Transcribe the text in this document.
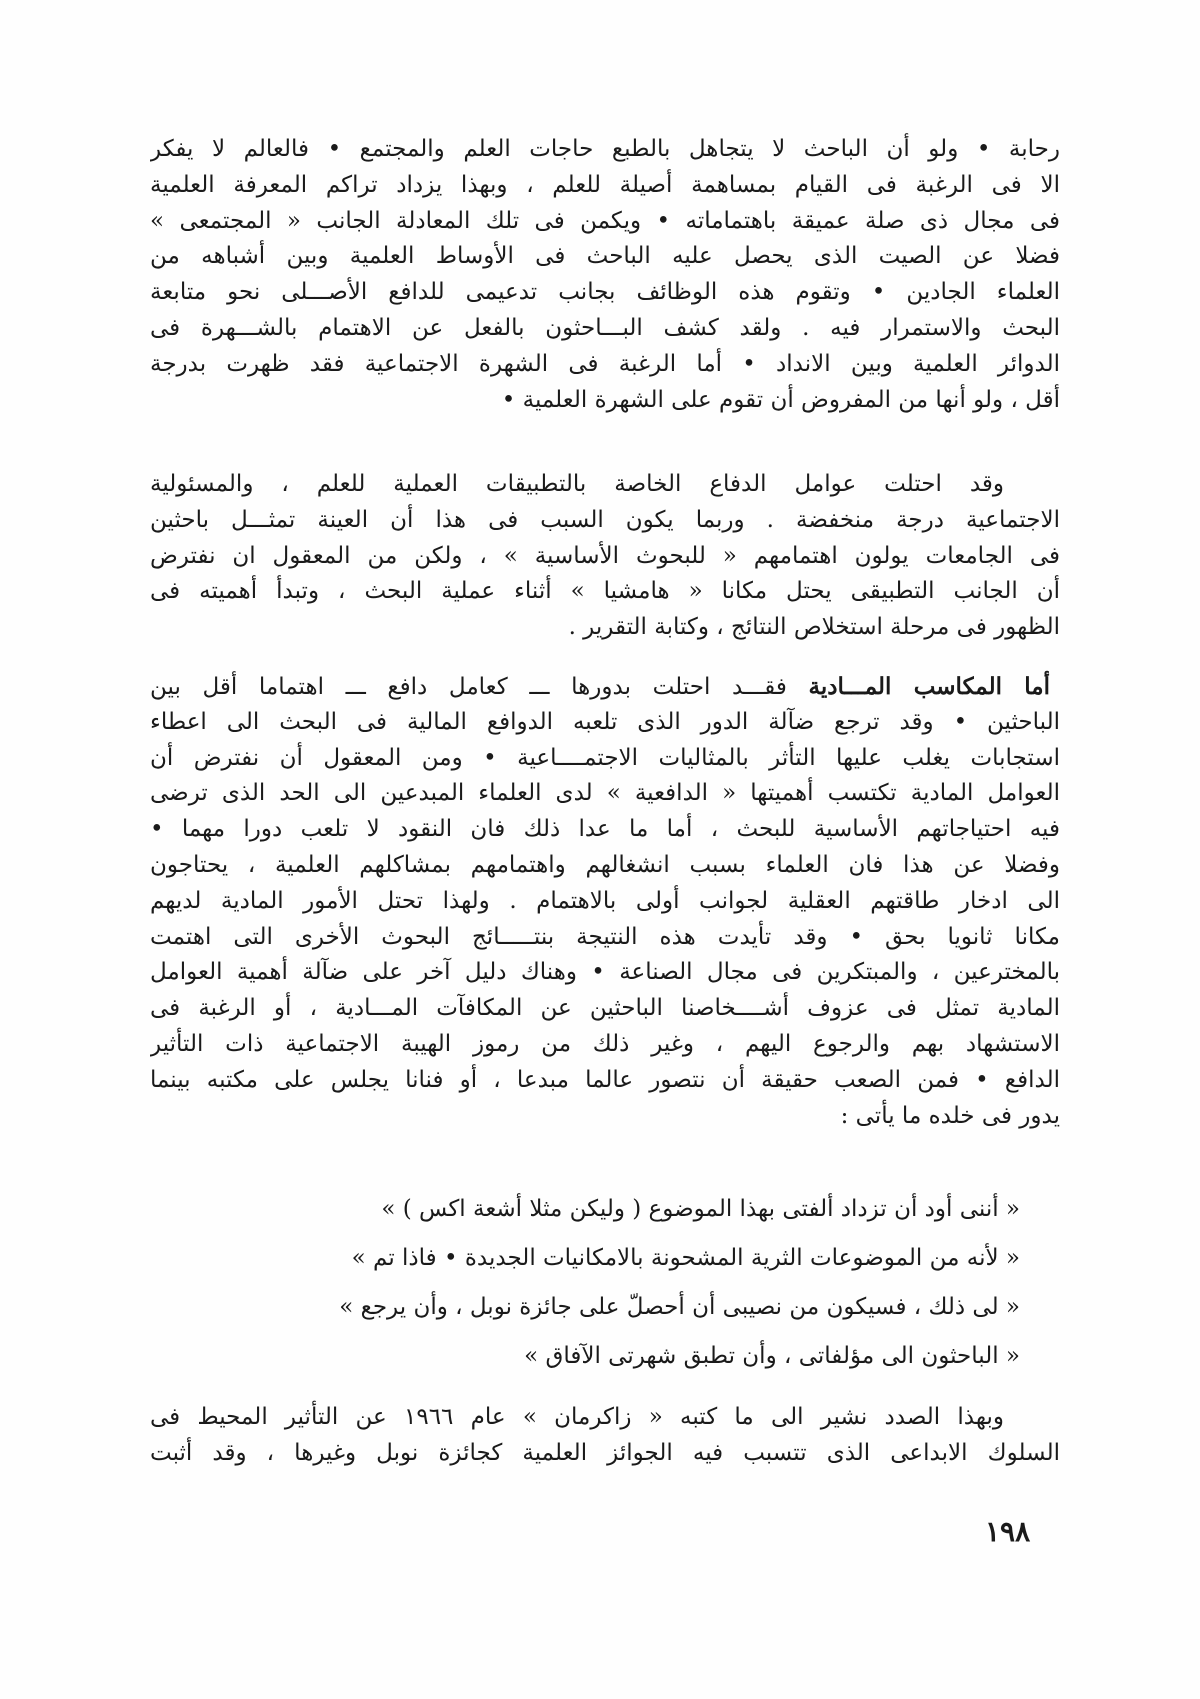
رحابة • ولو أن الباحث لا يتجاهل بالطبع حاجات العلم والمجتمع • فالعالم لا يفكر
الا فى الرغبة فى القيام بمساهمة أصيلة للعلم ، وبهذا يزداد تراكم المعرفة العلمية
فى مجال ذى صلة عميقة باهتماماته • ويكمن فى تلك المعادلة الجانب « المجتمعى »
فضلا عن الصيت الذى يحصل عليه الباحث فى الأوساط العلمية وبين أشباهه من
العلماء الجادين • وتقوم هذه الوظائف بجانب تدعيمى للدافع الأصـــلى نحو متابعة
البحث والاستمرار فيه . ولقد كشف البـــاحثون بالفعل عن الاهتمام بالشـــهرة فى
الدوائر العلمية وبين الانداد • أما الرغبة فى الشهرة الاجتماعية فقد ظهرت بدرجة
أقل ، ولو أنها من المفروض أن تقوم على الشهرة العلمية •
وقد احتلت عوامل الدفاع الخاصة بالتطبيقات العملية للعلم ، والمسئولية
الاجتماعية درجة منخفضة . وربما يكون السبب فى هذا أن العينة تمثـــل باحثين
فى الجامعات يولون اهتمامهم « للبحوث الأساسية » ، ولكن من المعقول ان نفترض
أن الجانب التطبيقى يحتل مكانا « هامشيا » أثناء عملية البحث ، وتبدأ أهميته فى
الظهور فى مرحلة استخلاص النتائج ، وكتابة التقرير .
أما المكاسب المـــادية فقـــد احتلت بدورها ـــ كعامل دافع ـــ اهتماما أقل بين
الباحثين • وقد ترجع ضآلة الدور الذى تلعبه الدوافع المالية فى البحث الى اعطاء
استجابات يغلب عليها التأثر بالمثاليات الاجتمــــاعية • ومن المعقول أن نفترض أن
العوامل المادية تكتسب أهميتها « الدافعية » لدى العلماء المبدعين الى الحد الذى ترضى
فيه احتياجاتهم الأساسية للبحث ، أما ما عدا ذلك فان النقود لا تلعب دورا مهما •
وفضلا عن هذا فان العلماء بسبب انشغالهم واهتمامهم بمشاكلهم العلمية ، يحتاجون
الى ادخار طاقتهم العقلية لجوانب أولى بالاهتمام . ولهذا تحتل الأمور المادية لديهم
مكانا ثانويا بحق • وقد تأيدت هذه النتيجة بنتـــــائج البحوث الأخرى التى اهتمت
بالمخترعين ، والمبتكرين فى مجال الصناعة • وهناك دليل آخر على ضآلة أهمية العوامل
المادية تمثل فى عزوف أشــــخاصنا الباحثين عن المكافآت المـــادية ، أو الرغبة فى
الاستشهاد بهم والرجوع اليهم ، وغير ذلك من رموز الهيبة الاجتماعية ذات التأثير
الدافع • فمن الصعب حقيقة أن نتصور عالما مبدعا ، أو فنانا يجلس على مكتبه بينما
يدور فى خلده ما يأتى :
« أننى أود أن تزداد ألفتى بهذا الموضوع ( وليكن مثلا أشعة اكس ) »
« لأنه من الموضوعات الثرية المشحونة بالامكانيات الجديدة • فاذا تم »
« لى ذلك ، فسيكون من نصيبى أن أحصلّ على جائزة نوبل ، وأن يرجع »
« الباحثون الى مؤلفاتى ، وأن تطبق شهرتى الآفاق »
وبهذا الصدد نشير الى ما كتبه « زاكرمان » عام ١٩٦٦ عن التأثير المحيط فى
السلوك الابداعى الذى تتسبب فيه الجوائز العلمية كجائزة نوبل وغيرها ، وقد أثبت
١٩٨
